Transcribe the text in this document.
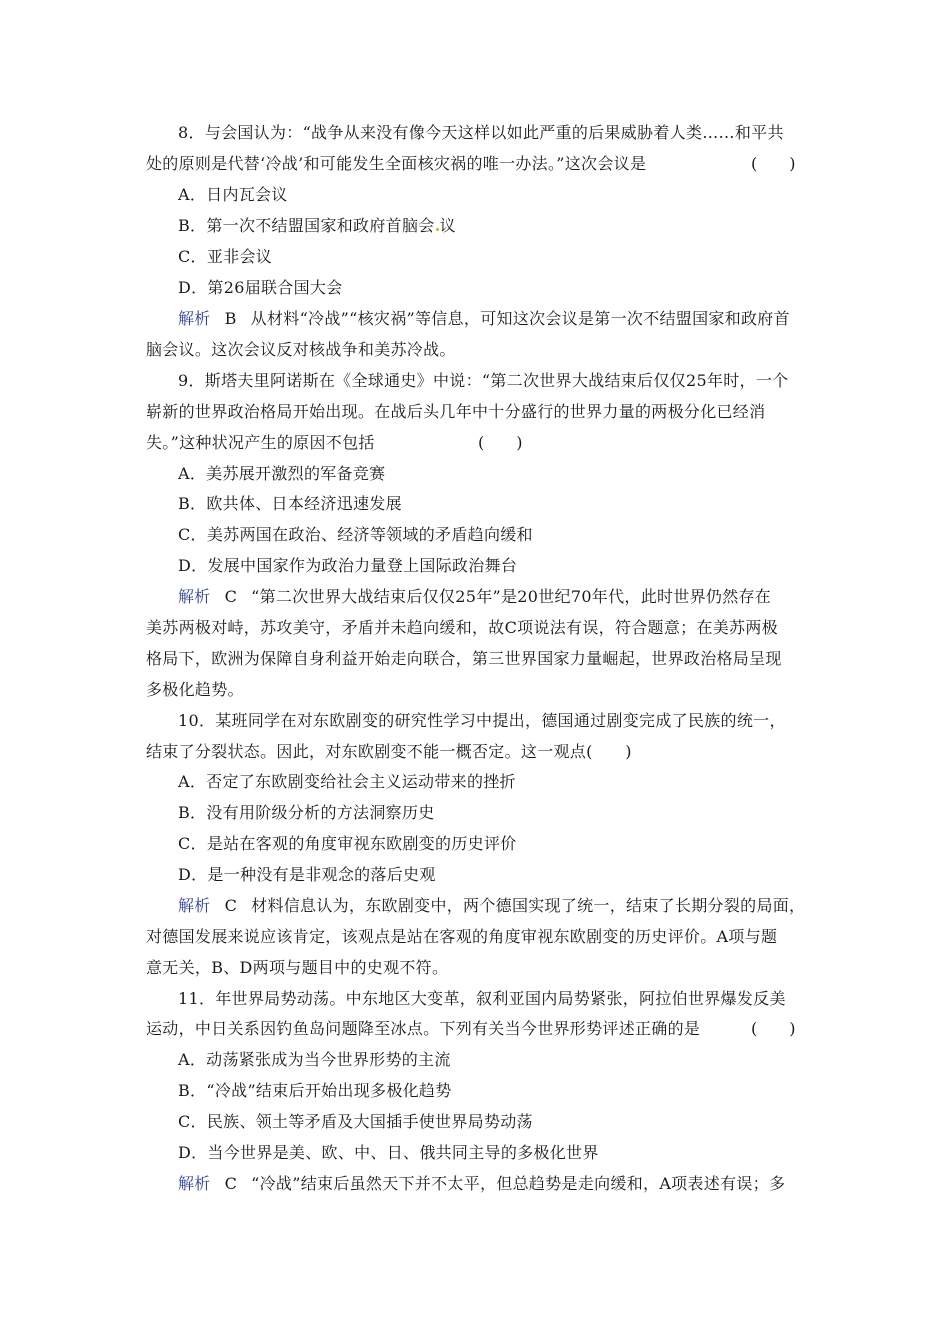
8．与会国认为：“战争从来没有像今天这样以如此严重的后果威胁着人类……和平共
处的原则是代替‘冷战’和可能发生全面核灾祸的唯一办法。”这次会议是	(　　)
A．日内瓦会议
B．第一次不结盟国家和政府首脑会 议
C．亚非会议
D．第26届联合国大会
解析 B 从材料“冷战”“核灾祸”等信息，可知这次会议是第一次不结盟国家和政府首
脑会议。这次会议反对核战争和美苏冷战。
9．斯塔夫里阿诺斯在《全球通史》中说：“第二次世界大战结束后仅仅25年时，一个
崭新的世界政治格局开始出现。在战后头几年中十分盛行的世界力量的两极分化已经消
失。”这种状况产生的原因不包括	(　　)
A．美苏展开激烈的军备竞赛
B．欧共体、日本经济迅速发展
C．美苏两国在政治、经济等领域的矛盾趋向缓和
D．发展中国家作为政治力量登上国际政治舞台
解析 C “第二次世界大战结束后仅仅25年”是20世纪70年代，此时世界仍然存在
美苏两极对峙，苏攻美守，矛盾并未趋向缓和，故C项说法有误，符合题意；在美苏两极
格局下，欧洲为保障自身利益开始走向联合，第三世界国家力量崛起，世界政治格局呈现
多极化趋势。
10．某班同学在对东欧剧变的研究性学习中提出，德国通过剧变完成了民族的统一，
结束了分裂状态。因此，对东欧剧变不能一概否定。这一观点(　　)
A．否定了东欧剧变给社会主义运动带来的挫折
B．没有用阶级分析的方法洞察历史
C．是站在客观的角度审视东欧剧变的历史评价
D．是一种没有是非观念的落后史观
解析 C 材料信息认为，东欧剧变中，两个德国实现了统一，结束了长期分裂的局面，
对德国发展来说应该肯定，该观点是站在客观的角度审视东欧剧变的历史评价。A项与题
意无关，B、D两项与题目中的史观不符。
11．年世界局势动荡。中东地区大变革，叙利亚国内局势紧张，阿拉伯世界爆发反美
运动，中日关系因钓鱼岛问题降至冰点。下列有关当今世界形势评述正确的是	(　　)
A．动荡紧张成为当今世界形势的主流
B．“冷战”结束后开始出现多极化趋势
C．民族、领土等矛盾及大国插手使世界局势动荡
D．当今世界是美、欧、中、日、俄共同主导的多极化世界
解析 C “冷战”结束后虽然天下并不太平，但总趋势是走向缓和，A项表述有误；多
